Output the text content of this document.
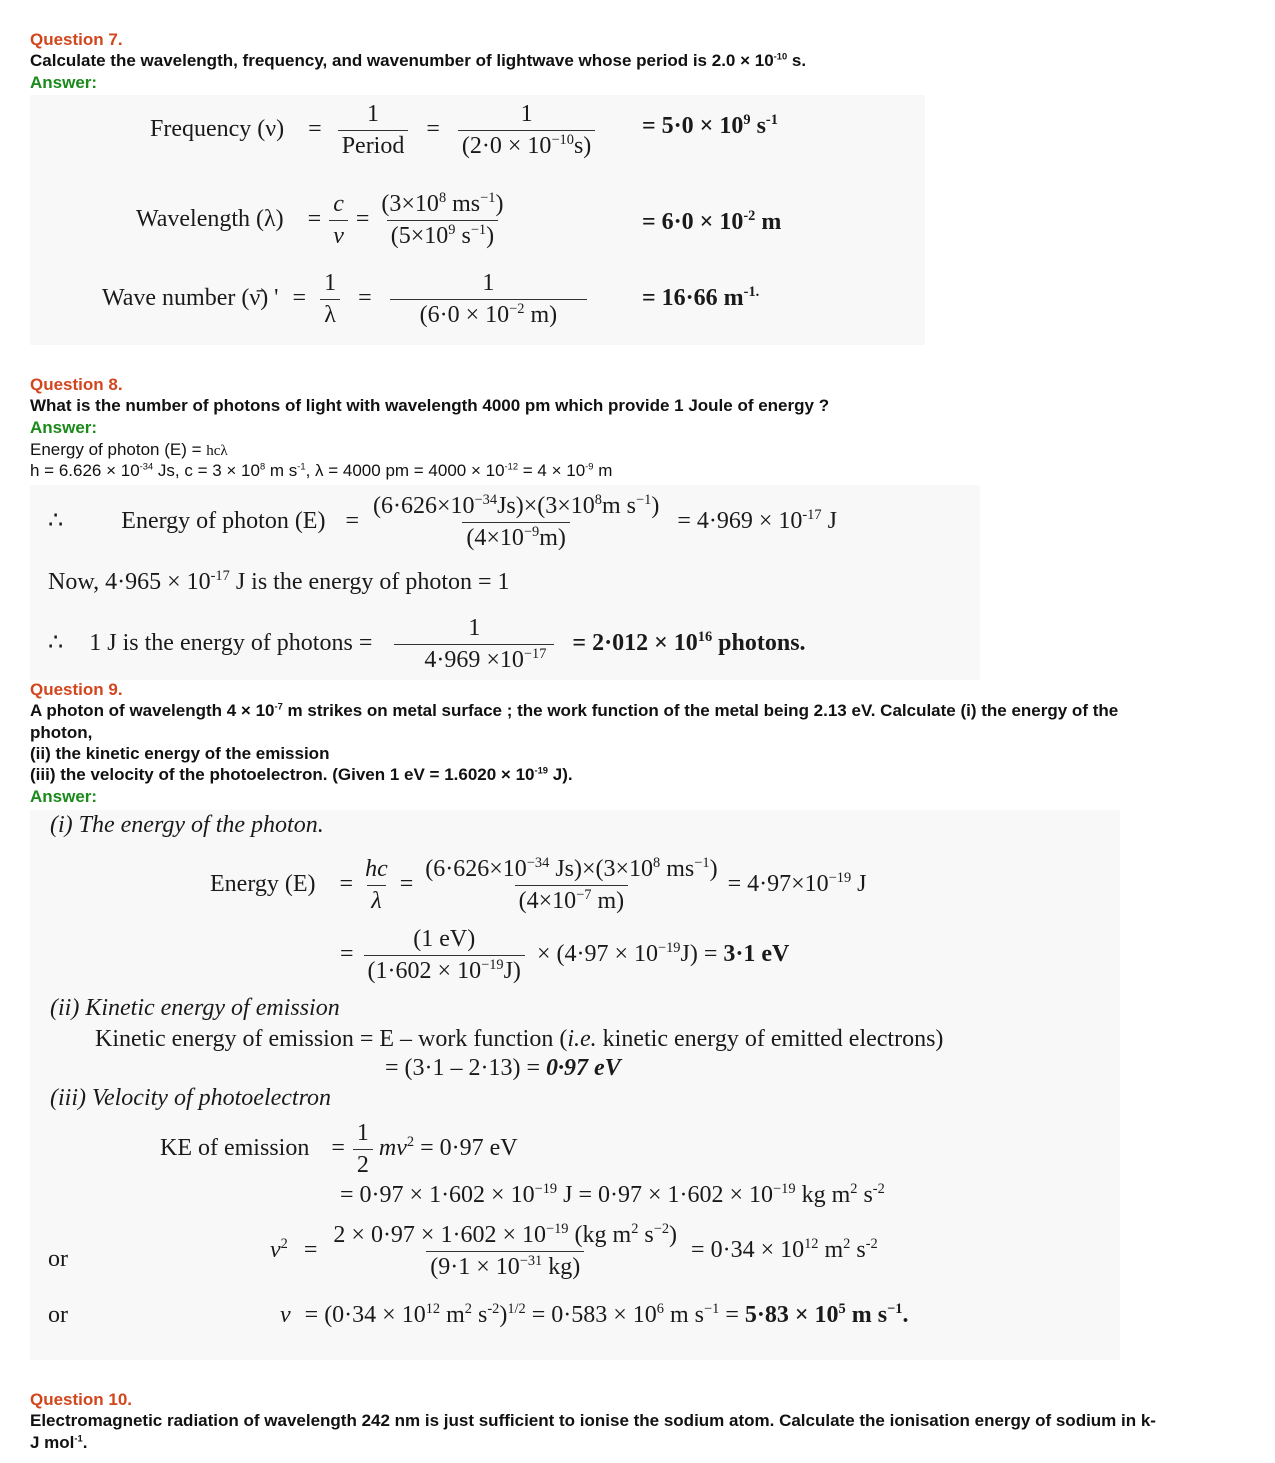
Question 7.
Calculate the wavelength, frequency, and wavenumber of lightwave whose period is $2.0 \times 10^{-10}$ s.
Answer:
Frequency $(\nu) = \frac{1}{\text{Period}} = \frac{1}{(2\cdot 0 \times 10^{-10}s)} = 5\cdot 0 \times 10^9$ $s^{-1}$
Wavelength $(\lambda) = \frac{c}{\nu} = \frac{(3\times 10^8 ms^{-1})}{(5\times 10^9 s^{-1})}$	= $6\cdot 0 \times 10^{-2}$ m
Wave number (ν̄) ' = $\frac{1}{\lambda} = \frac{1}{(6\cdot 0 \times 10^{-2} m)} = 16\cdot 66$ $m^{-1.}$
Question 8.
What is the number of photons of light with wavelength 4000 pm which provide 1 Joule of energy ?
Answer:
Energy of photon (E) = hcλ
$h = 6.626 \times 10^{-34}$ Js, $c = 3 \times 10^8$ m $s^{-1}$, λ = 4000 pm = $4000 \times 10^{-12} = 4 \times 10^{-9}$ m
∴ Energy of photon $(E) = \frac{(6\cdot 626\times 10^{-34}Js)\times(3\times 10^8m s^{-1})}{(4\times 10^{-9}m)} = 4\cdot 969 \times 10^{-17}$ J
Now, $4\cdot 965 \times 10^{-17}$ J is the energy of photon = 1
∴ 1 J is the energy of photons = $\frac{1}{4\cdot 969 \times 10^{-17}} = 2\cdot 012 \times 10^{16}$ photons.
Question 9.
A photon of wavelength $4 \times 10^{-7}$ m strikes on metal surface ; the work function of the metal being 2.13 eV. Calculate (i) the energy of the
photon,
(ii) the kinetic energy of the emission
(iii) the velocity of the photoelectron. (Given 1 eV = $1.6020 \times 10^{-19}$ J).
Answer:
(i) The energy of the photon.
Energy $(E) = \frac{hc}{\lambda} = \frac{(6\cdot 626\times 10^{-34} Js)\times(3\times 10^8 ms^{-1})}{(4\times 10^{-7} m)} = 4\cdot 97\times 10^{-19}$ J
= $\frac{(1 eV)}{(1\cdot 602 \times 10^{-19}J)} \times (4\cdot 97 \times 10^{-19}J) = 3\cdot 1$ eV
(ii) Kinetic energy of emission
Kinetic energy of emission = E – work function (i.e. kinetic energy of emitted electrons)
= (3·1 – 2·13) = 0·97 eV
(iii) Velocity of photoelectron
KE of emission = $\frac{1}{2} mv^2 = 0\cdot 97$ eV
= $0\cdot 97 \times 1\cdot 602 \times 10^{-19}$ $J = 0\cdot 97 \times 1\cdot 602 \times 10^{-19}$ kg $m^2$ $s^{-2}$
or	$v^2 = \frac{2 \times 0\cdot 97 \times 1\cdot 602 \times 10^{-19} (kg m^2 s^{-2})}{(9\cdot 1 \times 10^{-31} kg)} = 0\cdot 34 \times 10^{12}$ $m^2$ $s^{-2}$
or	$v = (0\cdot 34 \times 10^{12}$ $m^2$ $s^{-2})^{1/2} = 0\cdot 583 \times 10^6$ m $s^{-1} = 5\cdot 83 \times 10^5$ m $s^{-1}$.
Question 10.
Electromagnetic radiation of wavelength 242 nm is just sufficient to ionise the sodium atom. Calculate the ionisation energy of sodium in k-
J mol$^{-1}$.
